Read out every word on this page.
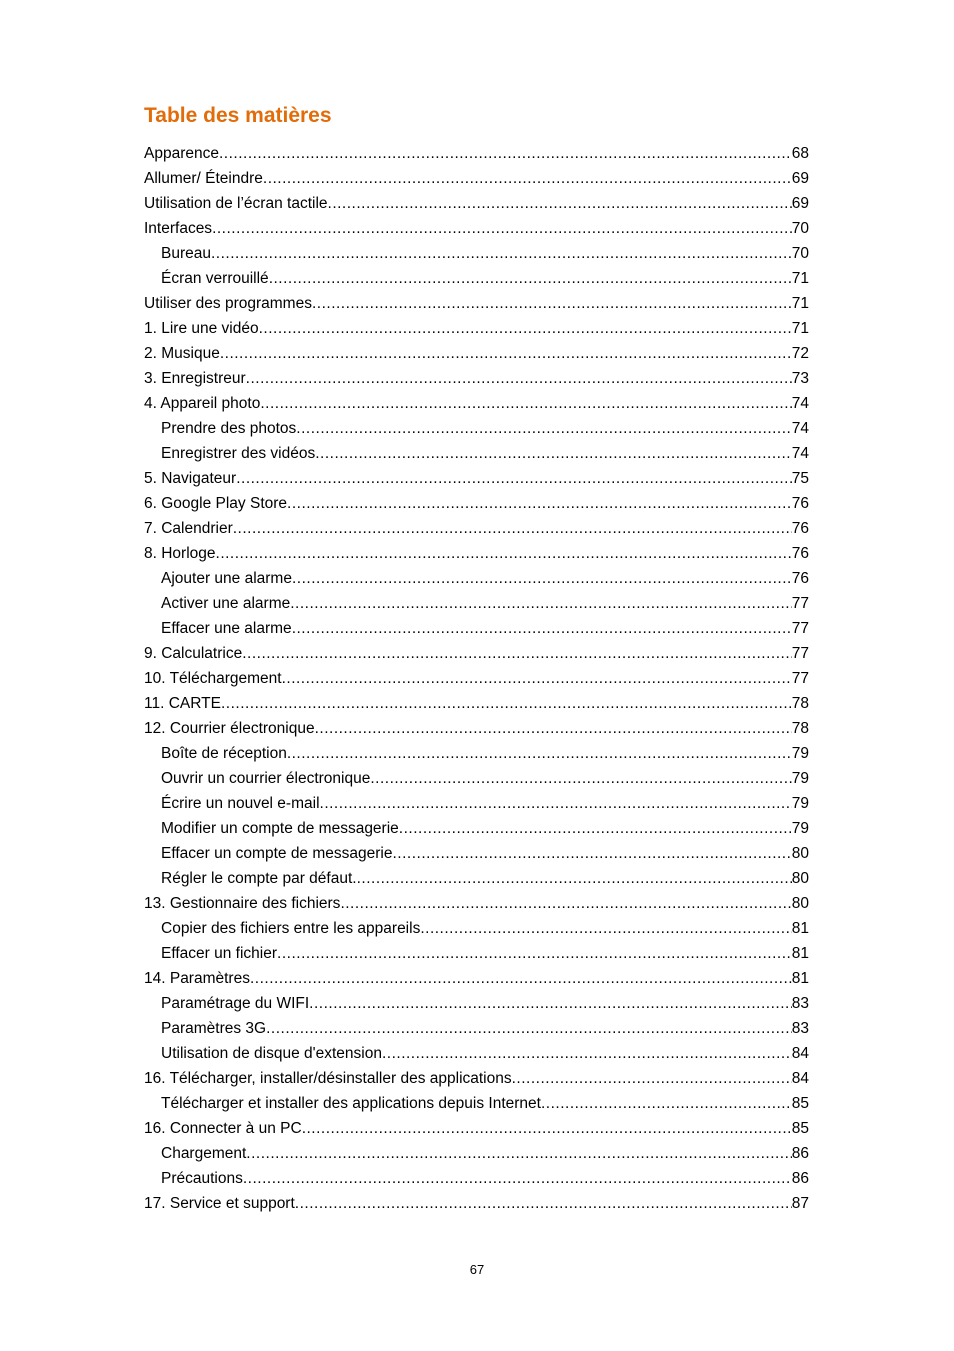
Table des matières
Apparence .....	68
Allumer/ Éteindre .....	69
Utilisation de l’écran tactile .....	69
Interfaces .....	70
Bureau .....	70
Écran verrouillé .....	71
Utiliser des programmes .....	71
1. Lire une vidéo .....	71
2. Musique .....	72
3. Enregistreur .....	73
4. Appareil photo .....	74
Prendre des photos .....	74
Enregistrer des vidéos .....	74
5. Navigateur .....	75
6. Google Play Store .....	76
7. Calendrier .....	76
8. Horloge .....	76
Ajouter une alarme .....	76
Activer une alarme .....	77
Effacer une alarme .....	77
9. Calculatrice .....	77
10. Téléchargement .....	77
11. CARTE .....	78
12. Courrier électronique .....	78
Boîte de réception .....	79
Ouvrir un courrier électronique .....	79
Écrire un nouvel e-mail .....	79
Modifier un compte de messagerie .....	79
Effacer un compte de messagerie .....	80
Régler le compte par défaut. .....	80
13. Gestionnaire des fichiers .....	80
Copier des fichiers entre les appareils .....	81
Effacer un fichier .....	81
14. Paramètres .....	81
Paramétrage du WIFI .....	83
Paramètres 3G .....	83
Utilisation de disque d'extension .....	84
16. Télécharger, installer/désinstaller des applications .....	84
Télécharger et installer des applications depuis Internet .....	85
16. Connecter à un PC .....	85
Chargement .....	86
Précautions .....	86
17. Service et support .....	87
67
